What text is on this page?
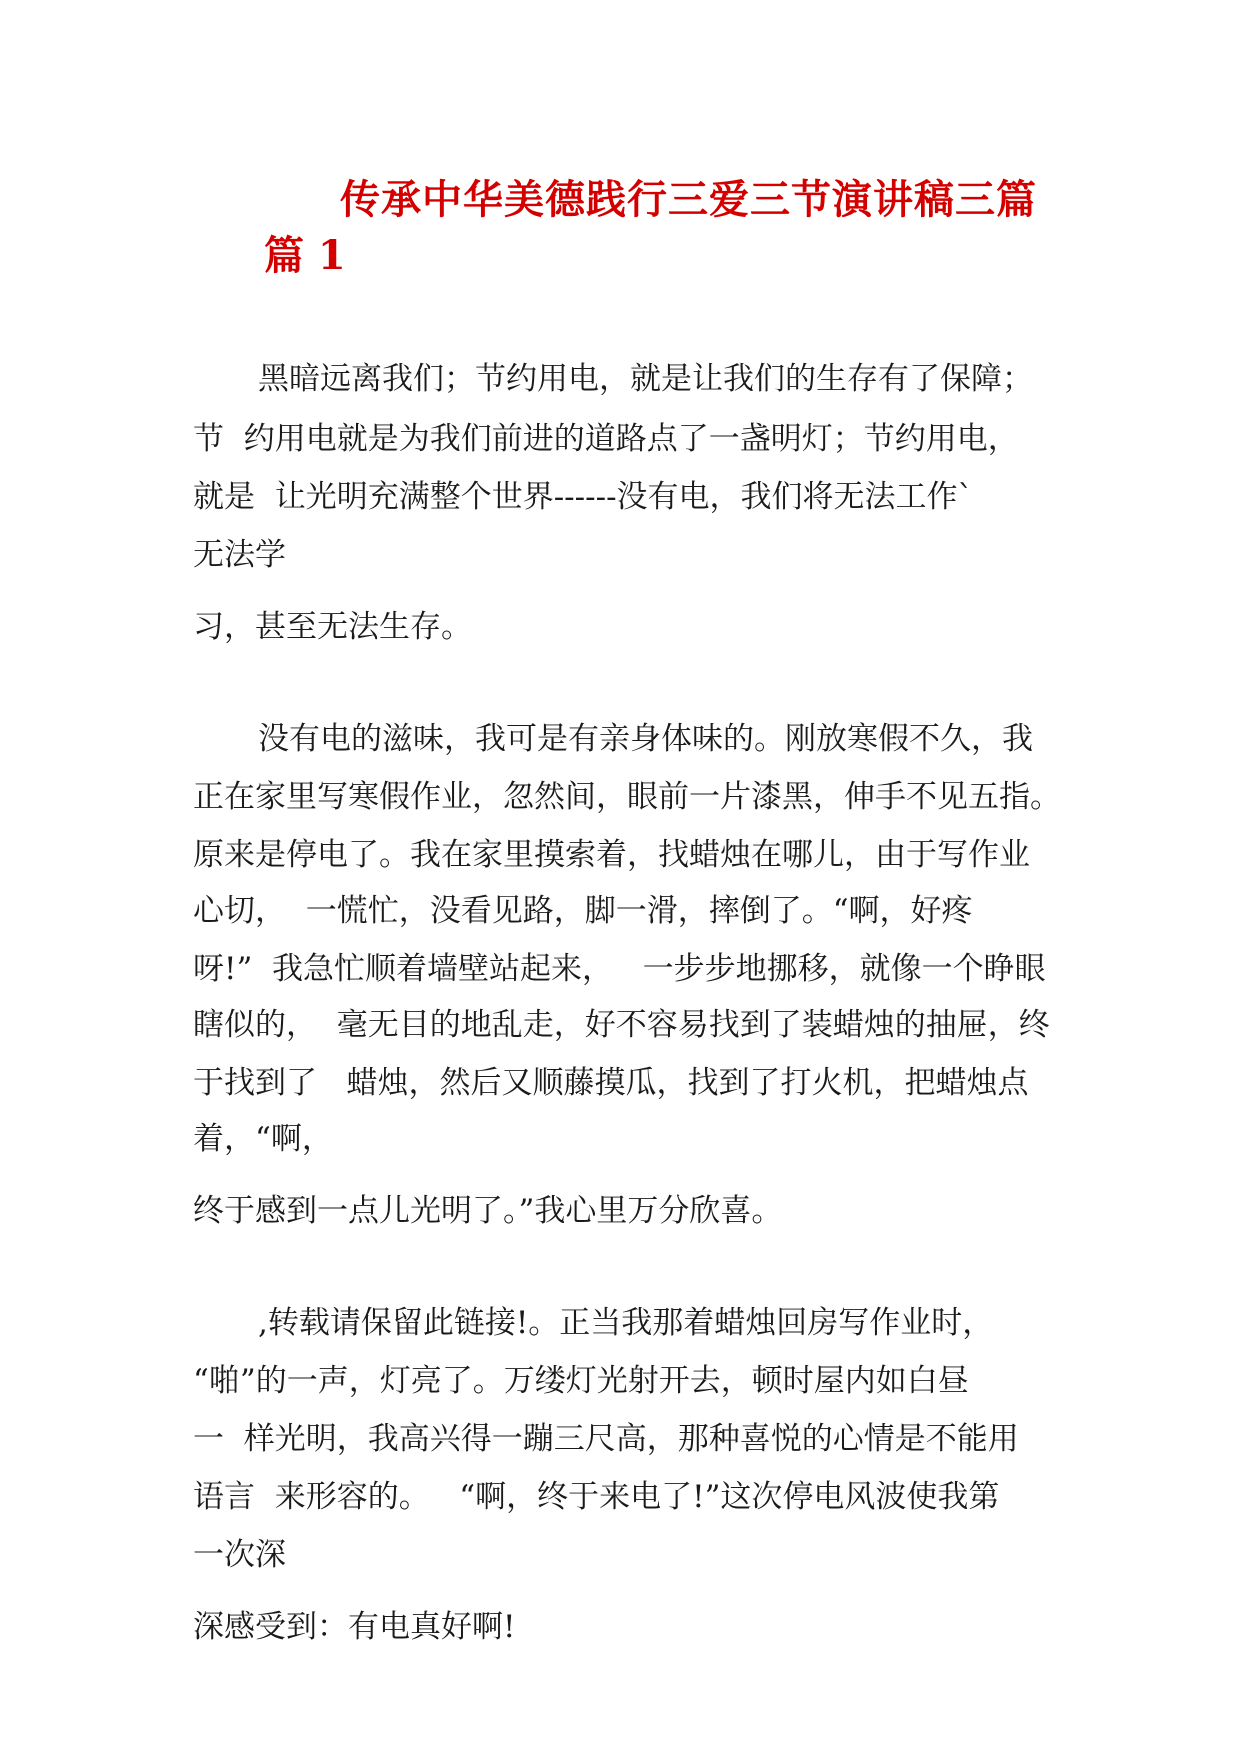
传承中华美德践行三爱三节演讲稿三篇
篇 1
黑暗远离我们；节约用电，就是让我们的生存有了保障；
节  约用电就是为我们前进的道路点了一盏明灯；节约用电，
就是  让光明充满整个世界------没有电，我们将无法工作`
无法学
习，甚至无法生存。
没有电的滋味，我可是有亲身体味的。刚放寒假不久，我
正在家里写寒假作业，忽然间，眼前一片漆黑，伸手不见五指。
原来是停电了。我在家里摸索着，找蜡烛在哪儿，由于写作业
心切，  一慌忙，没看见路，脚一滑，摔倒了。“啊，好疼
呀!”  我急忙顺着墙壁站起来，   一步步地挪移，就像一个睁眼
瞎似的，  毫无目的地乱走，好不容易找到了装蜡烛的抽屉，终
于找到了   蜡烛，然后又顺藤摸瓜，找到了打火机，把蜡烛点
着，“啊，
终于感到一点儿光明了。”我心里万分欣喜。
,转载请保留此链接!。正当我那着蜡烛回房写作业时，
“啪”的一声，灯亮了。万缕灯光射开去，顿时屋内如白昼
一  样光明，我高兴得一蹦三尺高，那种喜悦的心情是不能用
语言  来形容的。   “啊，终于来电了!”这次停电风波使我第
一次深
深感受到：有电真好啊!
